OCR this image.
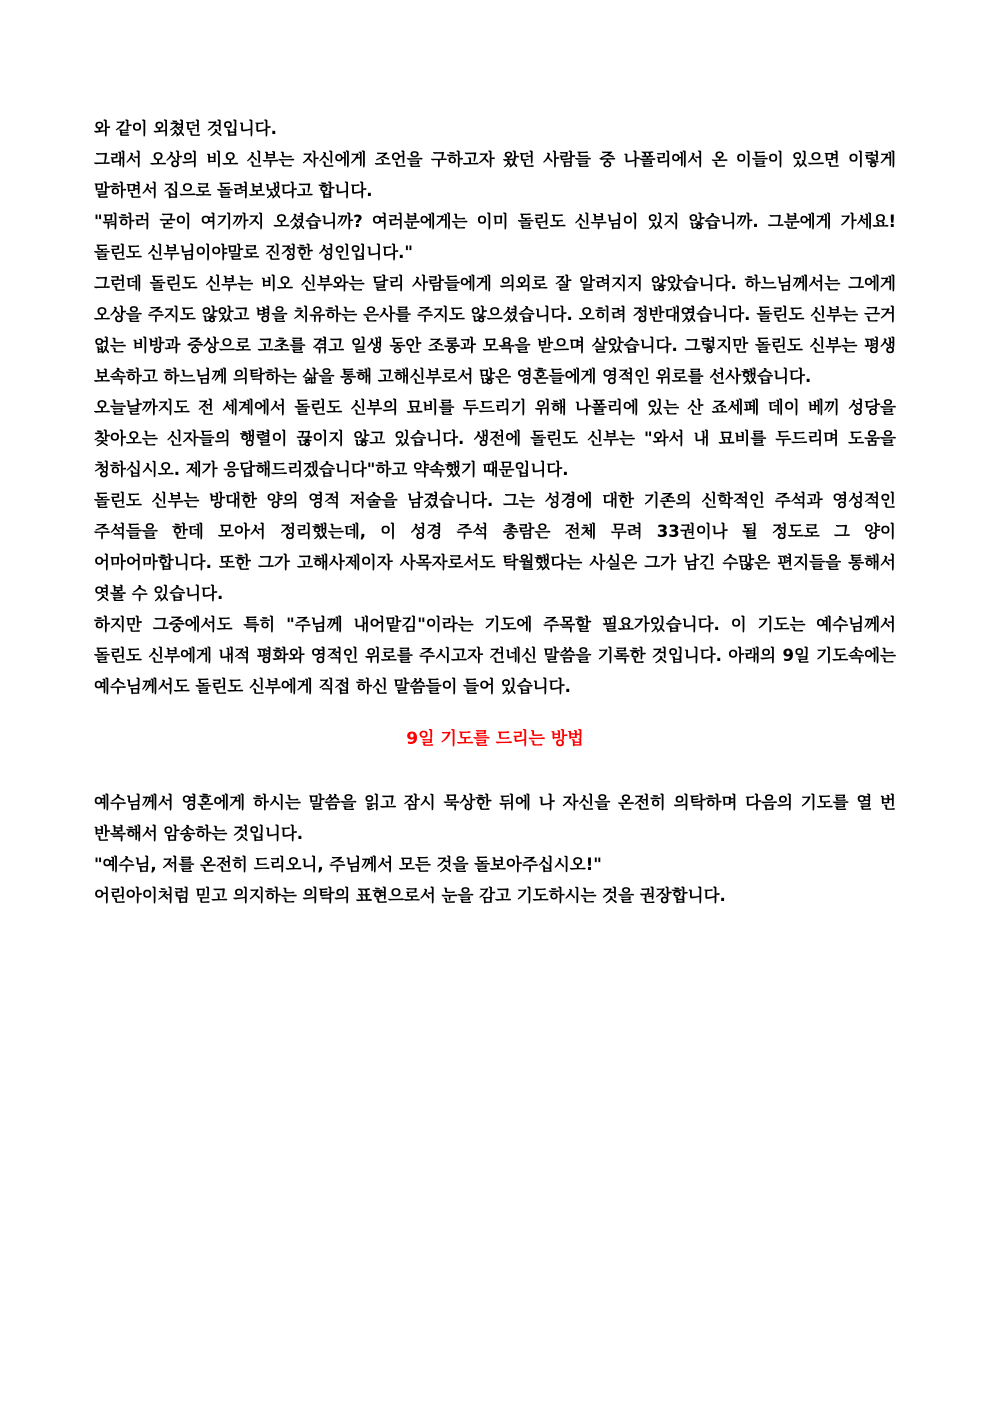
와 같이 외쳤던 것입니다.

그래서 오상의 비오 신부는 자신에게 조언을 구하고자 왔던 사람들 중 나폴리에서 온 이들이 있으면 이렇게 말하면서 집으로 돌려보냈다고 합니다.

"뭐하러 굳이 여기까지 오셨습니까? 여러분에게는 이미 돌린도 신부님이 있지 않습니까. 그분에게 가세요! 돌린도 신부님이야말로 진정한 성인입니다."

그런데 돌린도 신부는 비오 신부와는 달리 사람들에게 의외로 잘 알려지지 않았습니다. 하느님께서는 그에게 오상을 주지도 않았고 병을 치유하는 은사를 주지도 않으셨습니다. 오히려 정반대였습니다. 돌린도 신부는 근거 없는 비방과 중상으로 고초를 겪고 일생 동안 조롱과 모욕을 받으며 살았습니다. 그렇지만 돌린도 신부는 평생 보속하고 하느님께 의탁하는 삶을 통해 고해신부로서 많은 영혼들에게 영적인 위로를 선사했습니다.

오늘날까지도 전 세계에서 돌린도 신부의 묘비를 두드리기 위해 나폴리에 있는 산 죠세페 데이 베끼 성당을 찾아오는 신자들의 행렬이 끊이지 않고 있습니다. 생전에 돌린도 신부는 "와서 내 묘비를 두드리며 도움을 청하십시오. 제가 응답해드리겠습니다"하고 약속했기 때문입니다.

돌린도 신부는 방대한 양의 영적 저술을 남겼습니다. 그는 성경에 대한 기존의 신학적인 주석과 영성적인 주석들을 한데 모아서 정리했는데, 이 성경 주석 총람은 전체 무려 33권이나 될 정도로 그 양이 어마어마합니다. 또한 그가 고해사제이자 사목자로서도 탁월했다는 사실은 그가 남긴 수많은 편지들을 통해서 엿볼 수 있습니다.

하지만 그중에서도 특히 "주님께 내어맡김"이라는 기도에 주목할 필요가있습니다. 이 기도는 예수님께서 돌린도 신부에게 내적 평화와 영적인 위로를 주시고자 건네신 말씀을 기록한 것입니다. 아래의 9일 기도속에는 예수님께서도 돌린도 신부에게 직접 하신 말씀들이 들어 있습니다.

9일 기도를 드리는 방법

예수님께서 영혼에게 하시는 말씀을 읽고 잠시 묵상한 뒤에 나 자신을 온전히 의탁하며 다음의 기도를 열 번 반복해서 암송하는 것입니다.

"예수님, 저를 온전히 드리오니, 주님께서 모든 것을 돌보아주십시오!"

어린아이처럼 믿고 의지하는 의탁의 표현으로서 눈을 감고 기도하시는 것을 권장합니다.
